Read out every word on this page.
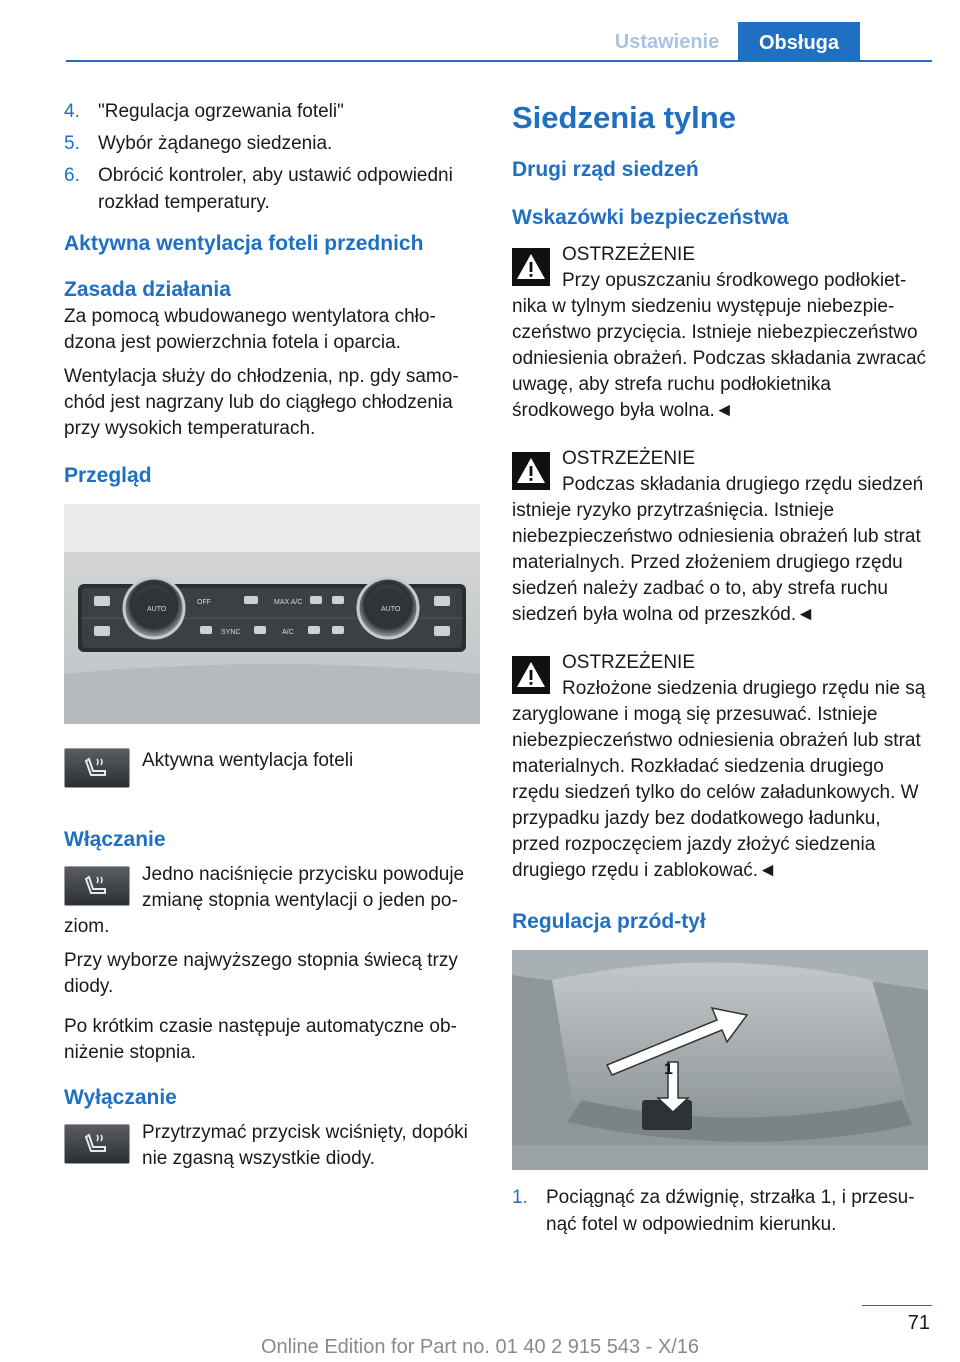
Ustawienie	Obsługa
4. "Regulacja ogrzewania foteli"
5. Wybór żądanego siedzenia.
6. Obrócić kontroler, aby ustawić odpowiedni rozkład temperatury.
Aktywna wentylacja foteli przednich
Zasada działania

Za pomocą wbudowanego wentylatora chłodzona jest powierzchnia fotela i oparcia.

Wentylacja służy do chłodzenia, np. gdy samochód jest nagrzany lub do ciągłego chłodzenia przy wysokich temperaturach.

Przegląd
AUTO
OFF	MAX A/C
SYNC	A/C
AUTO

Aktywna wentylacja foteli

Włączanie

Jedno naciśnięcie przycisku powoduje zmianę stopnia wentylacji o jeden poziom.

Przy wyborze najwyższego stopnia świecą trzy diody.

Po krótkim czasie następuje automatyczne obniżenie stopnia.

Wyłączanie

Przytrzymać przycisk wciśnięty, dopóki nie zgasną wszystkie diody.

Siedzenia tylne
Drugi rząd siedzeń
Wskazówki bezpieczeństwa

OSTRZEŻENIE

Przy opuszczaniu środkowego podłokietnika w tylnym siedzeniu występuje niebezpieczeństwo przycięcia. Istnieje niebezpieczeństwo odniesienia obrażeń. Podczas składania zwracać uwagę, aby strefa ruchu podłokietnika środkowego była wolna.◄

OSTRZEŻENIE

Podczas składania drugiego rzędu siedzeń istnieje ryzyko przytrzaśnięcia. Istnieje niebezpieczeństwo odniesienia obrażeń lub strat materialnych. Przed złożeniem drugiego rzędu siedzeń należy zadbać o to, aby strefa ruchu siedzeń była wolna od przeszkód.◄

OSTRZEŻENIE

Rozłożone siedzenia drugiego rzędu nie są zaryglowane i mogą się przesuwać. Istnieje niebezpieczeństwo odniesienia obrażeń lub strat materialnych. Rozkładać siedzenia drugiego rzędu siedzeń tylko do celów załadunkowych. W przypadku jazdy bez dodatkowego ładunku, przed rozpoczęciem jazdy złożyć siedzenia drugiego rzędu i zablokować.◄

Regulacja przód-tył
1
1. Pociągnąć za dźwignię, strzałka 1, i przesunąć fotel w odpowiednim kierunku.
71
Online Edition for Part no. 01 40 2 915 543 - X/16
